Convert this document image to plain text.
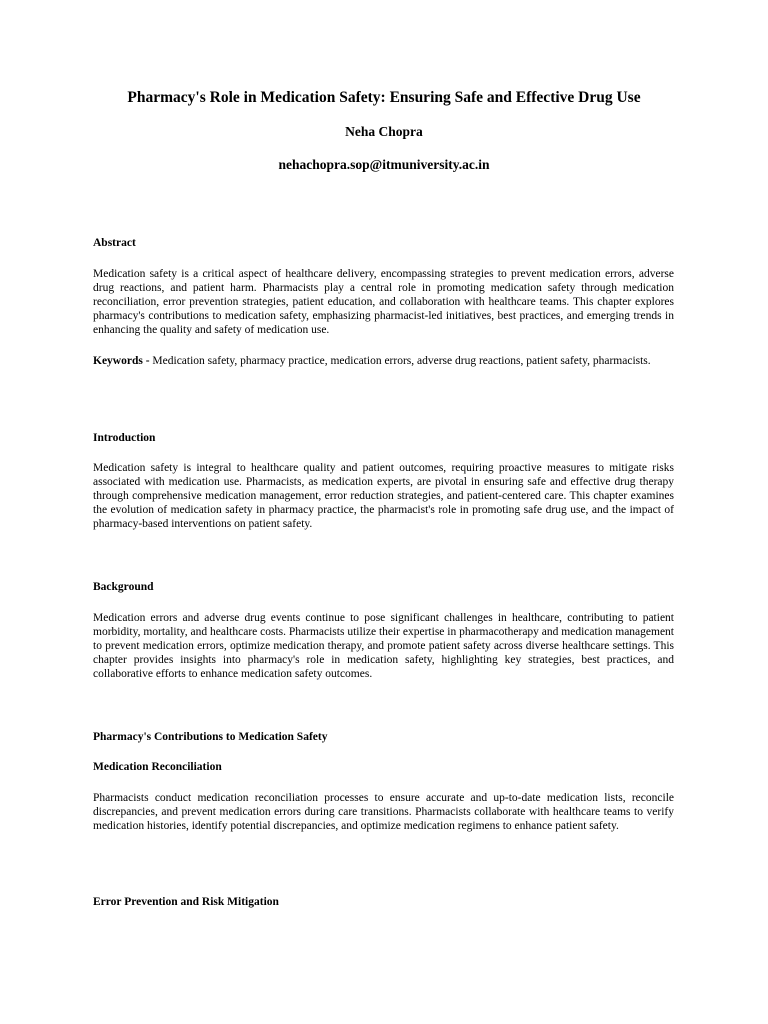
Pharmacy's Role in Medication Safety: Ensuring Safe and Effective Drug Use
Neha Chopra
nehachopra.sop@itmuniversity.ac.in
Abstract

Medication safety is a critical aspect of healthcare delivery, encompassing strategies to prevent medication errors, adverse drug reactions, and patient harm. Pharmacists play a central role in promoting medication safety through medication reconciliation, error prevention strategies, patient education, and collaboration with healthcare teams. This chapter explores pharmacy's contributions to medication safety, emphasizing pharmacist-led initiatives, best practices, and emerging trends in enhancing the quality and safety of medication use.

Keywords - Medication safety, pharmacy practice, medication errors, adverse drug reactions, patient safety, pharmacists.

Introduction

Medication safety is integral to healthcare quality and patient outcomes, requiring proactive measures to mitigate risks associated with medication use. Pharmacists, as medication experts, are pivotal in ensuring safe and effective drug therapy through comprehensive medication management, error reduction strategies, and patient-centered care. This chapter examines the evolution of medication safety in pharmacy practice, the pharmacist's role in promoting safe drug use, and the impact of pharmacy-based interventions on patient safety.

Background

Medication errors and adverse drug events continue to pose significant challenges in healthcare, contributing to patient morbidity, mortality, and healthcare costs. Pharmacists utilize their expertise in pharmacotherapy and medication management to prevent medication errors, optimize medication therapy, and promote patient safety across diverse healthcare settings. This chapter provides insights into pharmacy's role in medication safety, highlighting key strategies, best practices, and collaborative efforts to enhance medication safety outcomes.

Pharmacy's Contributions to Medication Safety
Medication Reconciliation

Pharmacists conduct medication reconciliation processes to ensure accurate and up-to-date medication lists, reconcile discrepancies, and prevent medication errors during care transitions. Pharmacists collaborate with healthcare teams to verify medication histories, identify potential discrepancies, and optimize medication regimens to enhance patient safety.

Error Prevention and Risk Mitigation
